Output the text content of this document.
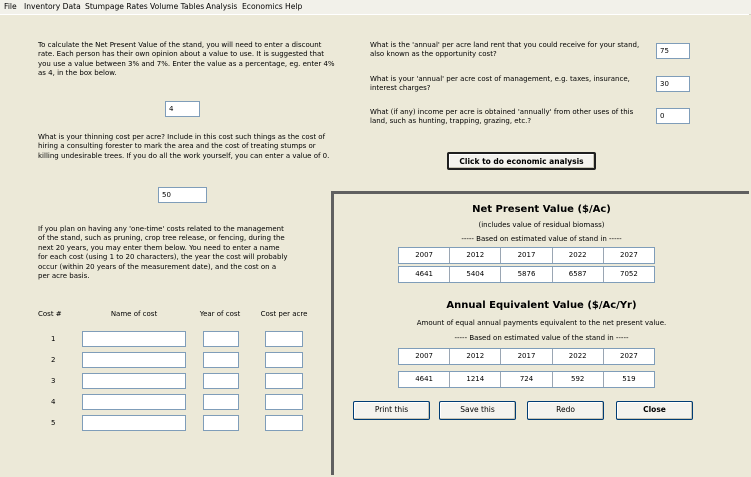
File Inventory Data Stumpage Rates Volume Tables Analysis Economics Help
To calculate the Net Present Value of the stand, you will need to enter a discount rate. Each person has their own opinion about a value to use. It is suggested that you use a value between 3% and 7%. Enter the value as a percentage, eg. enter 4% as 4, in the box below.
4
What is your thinning cost per acre? Include in this cost such things as the cost of hiring a consulting forester to mark the area and the cost of treating stumps or killing undesirable trees. If you do all the work yourself, you can enter a value of 0.
50
If you plan on having any 'one-time' costs related to the management of the stand, such as pruning, crop tree release, or fencing, during the next 20 years, you may enter them below. You need to enter a name for each cost (using 1 to 20 characters), the year the cost will probably occur (within 20 years of the measurement date), and the cost on a per acre basis.
Cost #	Name of cost	Year of cost	Cost per acre
1
2
3
4
5
What is the 'annual' per acre land rent that you could receive for your stand, also known as the opportunity cost?	75
What is your 'annual' per acre cost of management, e.g. taxes, insurance, interest charges?
30
What (if any) income per acre is obtained 'annually' from other uses of this land, such as hunting, trapping, grazing, etc.?
0
Click to do economic analysis
Net Present Value ($/Ac)
(includes value of residual biomass)
----- Based on estimated value of stand in -----
2007	2012	2017	2022	2027
4641	5404	5876	6587	7052
Annual Equivalent Value ($/Ac/Yr)
Amount of equal annual payments equivalent to the net present value.
----- Based on estimated value of the stand in -----
2007	2012	2017	2022	2027
4641	1214	724	592	519
Print this	Save this	Redo	Close
